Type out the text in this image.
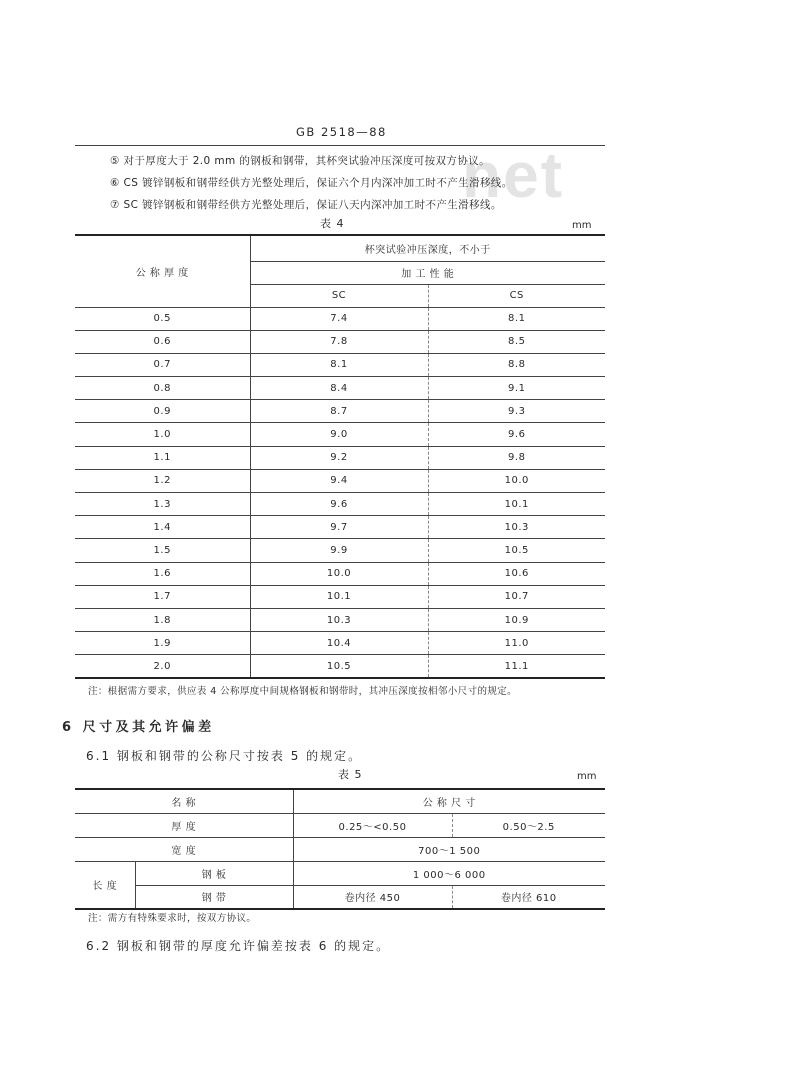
net
GB 2518—88
⑤ 对于厚度大于 2.0 mm 的钢板和钢带，其杯突试验冲压深度可按双方协议。
⑥ CS 镀锌钢板和钢带经供方光整处理后，保证六个月内深冲加工时不产生滑移线。
⑦ SC 镀锌钢板和钢带经供方光整处理后，保证八天内深冲加工时不产生滑移线。
表 4	mm
公 称 厚 度	杯突试验冲压深度，不小于	
	加 工 性 能	
	SC	CS
0.5	7.4	8.1
0.6	7.8	8.5
0.7	8.1	8.8
0.8	8.4	9.1
0.9	8.7	9.3
1.0	9.0	9.6
1.1	9.2	9.8
1.2	9.4	10.0
1.3	9.6	10.1
1.4	9.7	10.3
1.5	9.9	10.5
1.6	10.0	10.6
1.7	10.1	10.7
1.8	10.3	10.9
1.9	10.4	11.0
2.0	10.5	11.1
注：根据需方要求，供应表 4 公称厚度中间规格钢板和钢带时，其冲压深度按相邻小尺寸的规定。
6 尺寸及其允许偏差
6.1 钢板和钢带的公称尺寸按表 5 的规定。
表 5	mm
名 称		公 称 尺 寸	
厚 度		0.25～<0.50	0.50～2.5
宽 度		700～1 500	
长 度	钢 板	1 000～6 000	
	钢 带	卷内径 450	卷内径 610
注：需方有特殊要求时，按双方协议。
6.2 钢板和钢带的厚度允许偏差按表 6 的规定。
